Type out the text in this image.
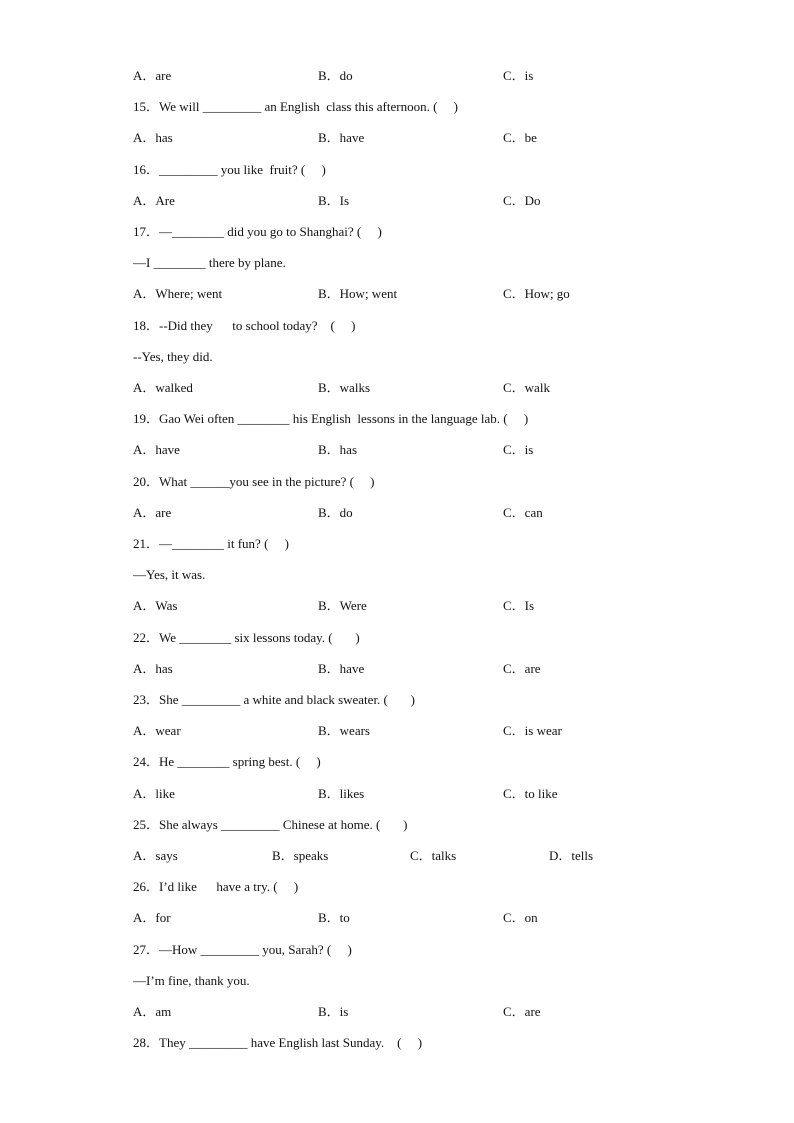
A．are	B．do	C．is
15．We will _________ an English  class this afternoon. (     )
A．has	B．have	C．be
16．_________ you like  fruit? (     )
A．Are	B．Is	C．Do
17．—________ did you go to Shanghai? (     )
—I ________ there by plane.
A．Where; went	B．How; went	C．How; go
18．--Did they      to school today?    (     )
--Yes, they did.
A．walked	B．walks	C．walk
19．Gao Wei often ________ his English  lessons in the language lab. (     )
A．have	B．has	C．is
20．What ______you see in the picture? (     )
A．are	B．do	C．can
21．—________ it fun? (     )
—Yes, it was.
A．Was	B．Were	C．Is
22．We ________ six lessons today. (       )
A．has	B．have	C．are
23．She _________ a white and black sweater. (       )
A．wear	B．wears	C．is wear
24．He ________ spring best. (     )
A．like	B．likes	C．to like
25．She always _________ Chinese at home. (       )
A．says	B．speaks	C．talks	D．tells
26．I’d like      have a try. (     )
A．for	B．to	C．on
27．—How _________ you, Sarah? (     )
—I’m fine, thank you.
A．am	B．is	C．are
28．They _________ have English last Sunday.    (     )
